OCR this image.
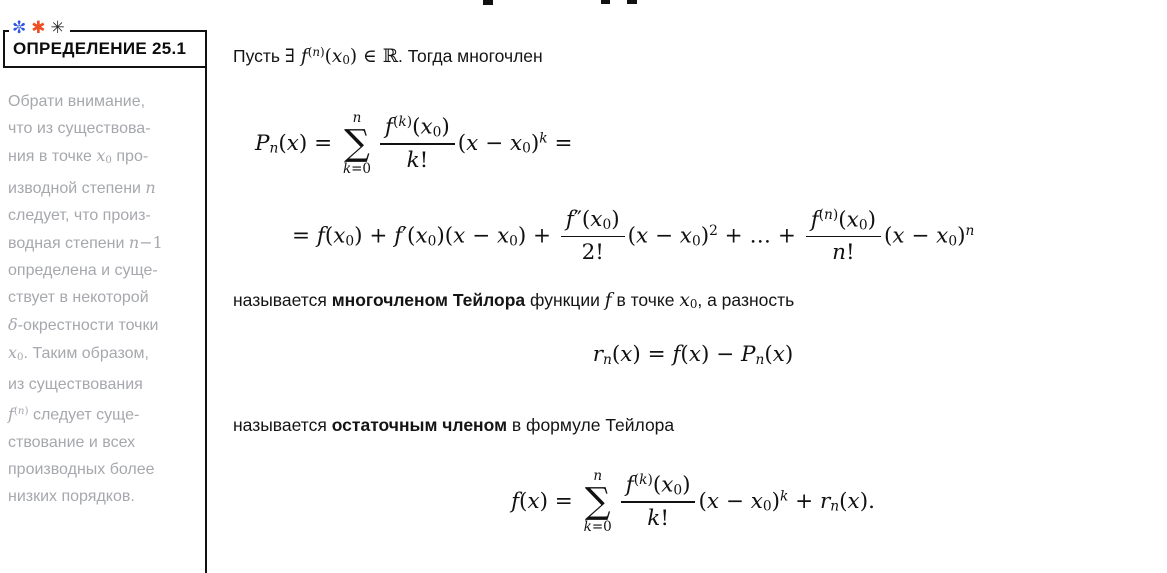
✼ ✱ ✳
ОПРЕДЕЛЕНИЕ 25.1
Обрати внимание,
что из существова-
ния в точке x0 про-
изводной степени n
следует, что произ-
водная степени n−1
определена и суще-
ствует в некоторой
δ-окрестности точки
x0. Таким образом,
из существования
$f^{(n)}$ следует суще-
ствование и всех
производных более
низких порядков.
Пусть ∃ $f^{(n)}(x0)$ ∈ ℝ. Тогда многочлен
Pn(x) =
n
∑
$k=0 \frac{f^{(k)}(x0)}{k!} (x - x0)^k$ =
= $f(x0) + f'(x0)(x - x0) + \frac{f''(x0)}{2!} (x - x0)^2$ + … + $\frac{f^{(n)}(x0)}{n!} (x - x0)^n$
называется многочленом Тейлора функции f в точке x0, а разность
rn(x) = f(x) − Pn(x)
называется остаточным членом в формуле Тейлора
f(x) =
n
∑
$k=0 \frac{f^{(k)}(x0)}{k!} (x - x0)^k + rn(x)$.
